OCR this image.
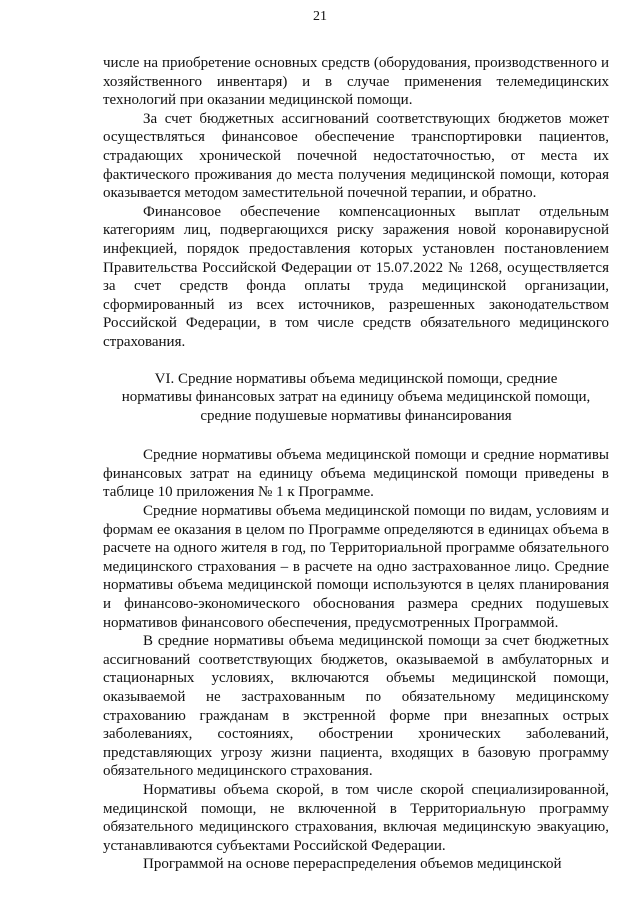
21

числе на приобретение основных средств (оборудования, производственного и хозяйственного инвентаря) и в случае применения телемедицинских технологий при оказании медицинской помощи.

За счет бюджетных ассигнований соответствующих бюджетов может осуществляться финансовое обеспечение транспортировки пациентов, страдающих хронической почечной недостаточностью, от места их фактического проживания до места получения медицинской помощи, которая оказывается методом заместительной почечной терапии, и обратно.

Финансовое обеспечение компенсационных выплат отдельным категориям лиц, подвергающихся риску заражения новой коронавирусной инфекцией, порядок предоставления которых установлен постановлением Правительства Российской Федерации от 15.07.2022 № 1268, осуществляется за счет средств фонда оплаты труда медицинской организации, сформированный из всех источников, разрешенных законодательством Российской Федерации, в том числе средств обязательного медицинского страхования.

VI. Средние нормативы объема медицинской помощи, средние
нормативы финансовых затрат на единицу объема медицинской помощи,
средние подушевые нормативы финансирования

Средние нормативы объема медицинской помощи и средние нормативы финансовых затрат на единицу объема медицинской помощи приведены в таблице 10 приложения № 1 к Программе.

Средние нормативы объема медицинской помощи по видам, условиям и формам ее оказания в целом по Программе определяются в единицах объема в расчете на одного жителя в год, по Территориальной программе обязательного медицинского страхования – в расчете на одно застрахованное лицо. Средние нормативы объема медицинской помощи используются в целях планирования и финансово-экономического обоснования размера средних подушевых нормативов финансового обеспечения, предусмотренных Программой.

В средние нормативы объема медицинской помощи за счет бюджетных ассигнований соответствующих бюджетов, оказываемой в амбулаторных и стационарных условиях, включаются объемы медицинской помощи, оказываемой не застрахованным по обязательному медицинскому страхованию гражданам в экстренной форме при внезапных острых заболеваниях, состояниях, обострении хронических заболеваний, представляющих угрозу жизни пациента, входящих в базовую программу обязательного медицинского страхования.

Нормативы объема скорой, в том числе скорой специализированной, медицинской помощи, не включенной в Территориальную программу обязательного медицинского страхования, включая медицинскую эвакуацию, устанавливаются субъектами Российской Федерации.

Программой на основе перераспределения объемов медицинской
